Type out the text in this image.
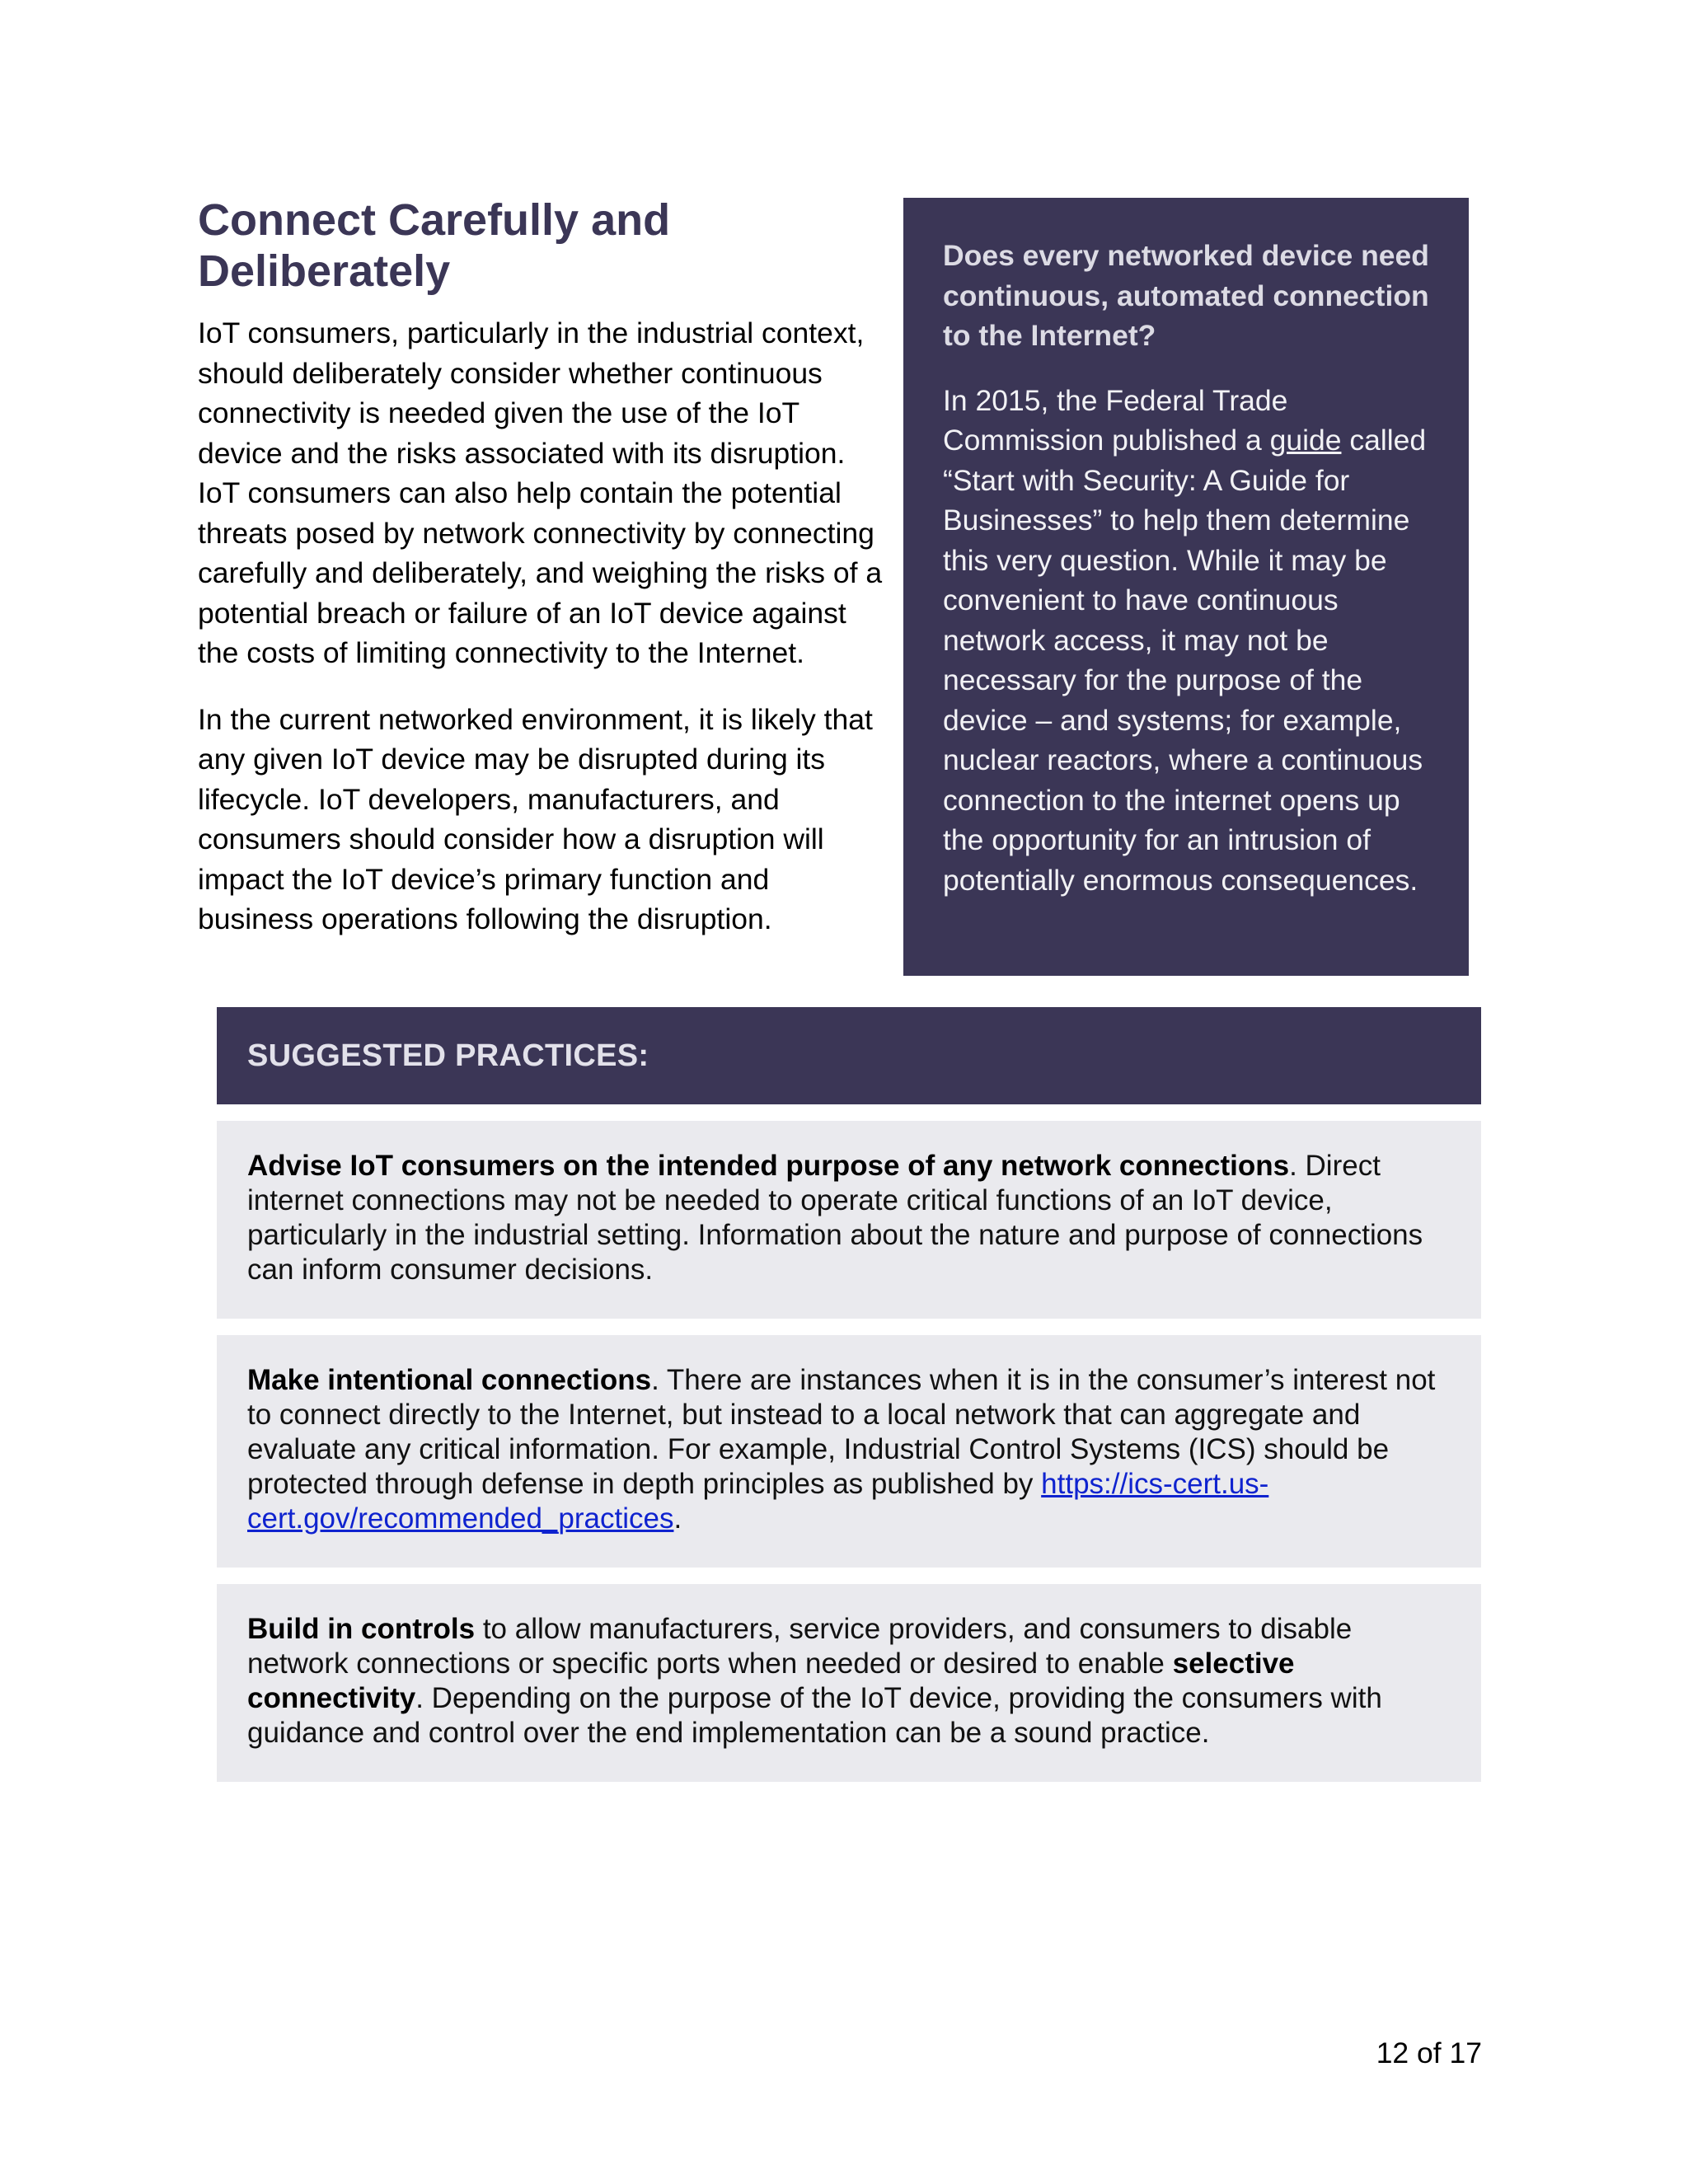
Connect Carefully and Deliberately

IoT consumers, particularly in the industrial context, should deliberately consider whether continuous connectivity is needed given the use of the IoT device and the risks associated with its disruption. IoT consumers can also help contain the potential threats posed by network connectivity by connecting carefully and deliberately, and weighing the risks of a potential breach or failure of an IoT device against the costs of limiting connectivity to the Internet.

In the current networked environment, it is likely that any given IoT device may be disrupted during its lifecycle. IoT developers, manufacturers, and consumers should consider how a disruption will impact the IoT device’s primary function and business operations following the disruption.

Does every networked device need continuous, automated connection to the Internet?

In 2015, the Federal Trade Commission published a guide called “Start with Security: A Guide for Businesses” to help them determine this very question. While it may be convenient to have continuous network access, it may not be necessary for the purpose of the device – and systems; for example, nuclear reactors, where a continuous connection to the internet opens up the opportunity for an intrusion of potentially enormous consequences.

SUGGESTED PRACTICES:

Advise IoT consumers on the intended purpose of any network connections. Direct internet connections may not be needed to operate critical functions of an IoT device, particularly in the industrial setting. Information about the nature and purpose of connections can inform consumer decisions.

Make intentional connections. There are instances when it is in the consumer’s interest not to connect directly to the Internet, but instead to a local network that can aggregate and evaluate any critical information. For example, Industrial Control Systems (ICS) should be protected through defense in depth principles as published by https://ics-cert.us-cert.gov/recommended_practices.

Build in controls to allow manufacturers, service providers, and consumers to disable network connections or specific ports when needed or desired to enable selective connectivity. Depending on the purpose of the IoT device, providing the consumers with guidance and control over the end implementation can be a sound practice.

12 of 17
